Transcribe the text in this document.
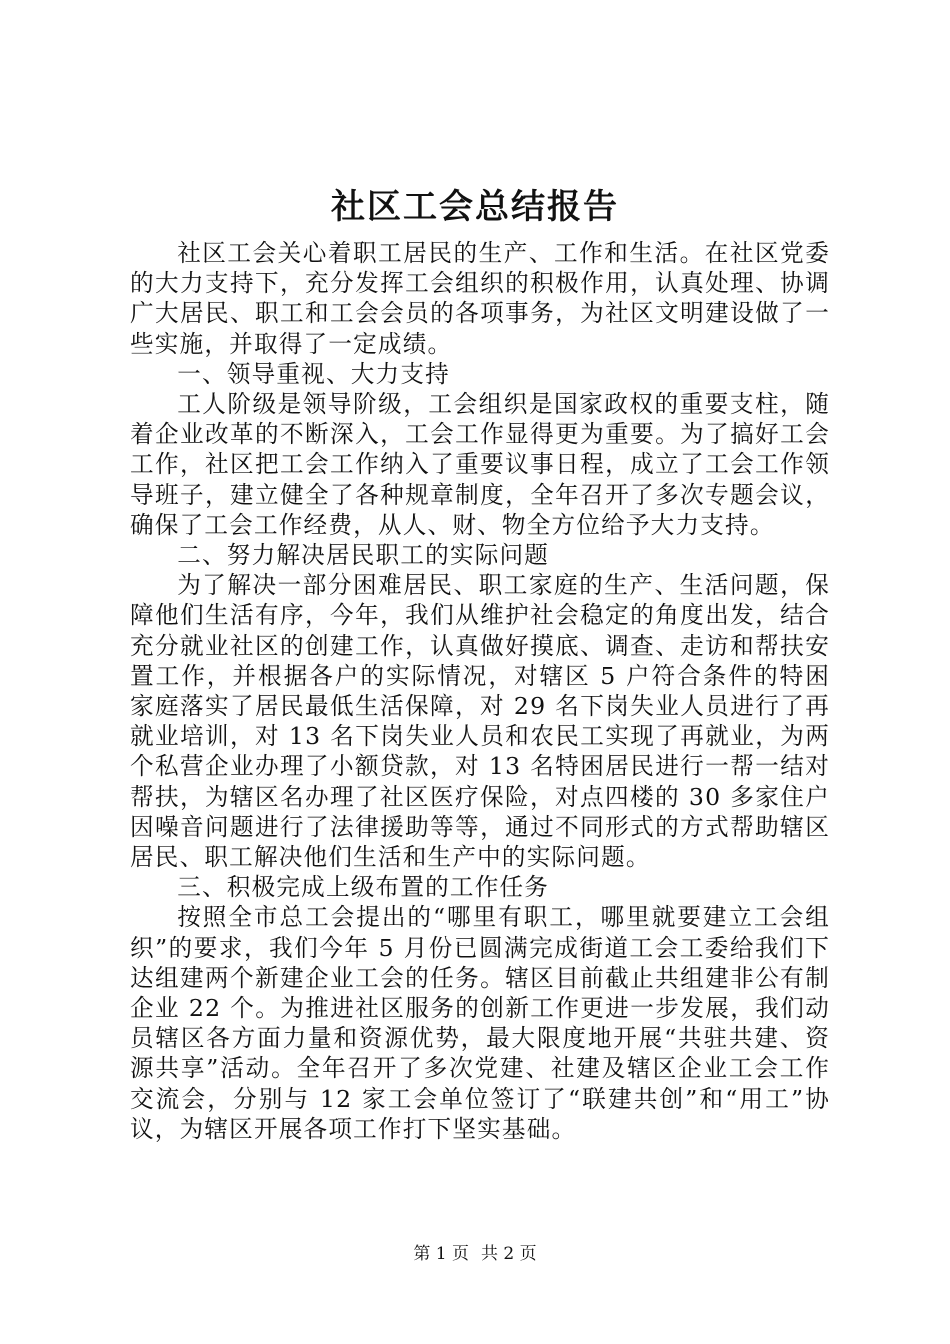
社区工会总结报告

社区工会关心着职工居民的生产、工作和生活。在社区党委的大力支持下，充分发挥工会组织的积极作用，认真处理、协调广大居民、职工和工会会员的各项事务，为社区文明建设做了一些实施，并取得了一定成绩。

一、领导重视、大力支持

工人阶级是领导阶级，工会组织是国家政权的重要支柱，随着企业改革的不断深入，工会工作显得更为重要。为了搞好工会工作，社区把工会工作纳入了重要议事日程，成立了工会工作领导班子，建立健全了各种规章制度，全年召开了多次专题会议，确保了工会工作经费，从人、财、物全方位给予大力支持。

二、努力解决居民职工的实际问题

为了解决一部分困难居民、职工家庭的生产、生活问题，保障他们生活有序，今年，我们从维护社会稳定的角度出发，结合充分就业社区的创建工作，认真做好摸底、调查、走访和帮扶安置工作，并根据各户的实际情况，对辖区 5 户符合条件的特困家庭落实了居民最低生活保障，对 29 名下岗失业人员进行了再就业培训，对 13 名下岗失业人员和农民工实现了再就业，为两个私营企业办理了小额贷款，对 13 名特困居民进行一帮一结对帮扶，为辖区名办理了社区医疗保险，对点四楼的 30 多家住户因噪音问题进行了法律援助等等，通过不同形式的方式帮助辖区居民、职工解决他们生活和生产中的实际问题。

三、积极完成上级布置的工作任务

按照全市总工会提出的“哪里有职工，哪里就要建立工会组织”的要求，我们今年 5 月份已圆满完成街道工会工委给我们下达组建两个新建企业工会的任务。辖区目前截止共组建非公有制企业 22 个。为推进社区服务的创新工作更进一步发展，我们动员辖区各方面力量和资源优势，最大限度地开展“共驻共建、资源共享”活动。全年召开了多次党建、社建及辖区企业工会工作交流会，分别与 12 家工会单位签订了“联建共创”和“用工”协议，为辖区开展各项工作打下坚实基础。

第 1 页 共 2 页
